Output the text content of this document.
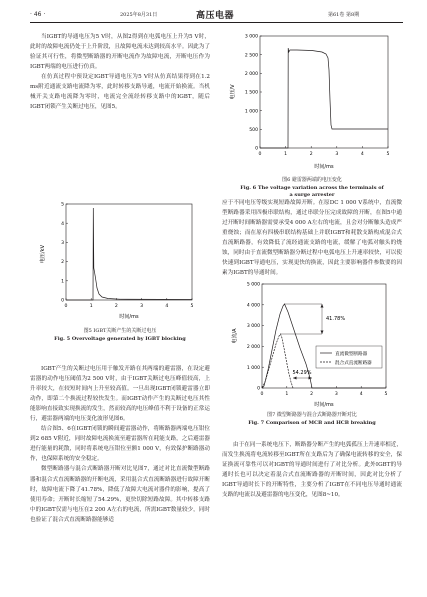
· 46 ·	2025年8月31日	高压电器	第61卷 第8期

当IGBT的导通电压为5 V时，从图2得到在电弧电压上升为5 V时，此时的故障电流仍处于上升阶段，且故障电流未达到较高水平。因此为了验证其可行性，将微型断路器的开断电流作为故障电流，开断电压作为IGBT两端的电压进行仿真。

在仿真过程中预设定IGBT导通电压为5 V时从仿真结果得到在1.2 ms附近通流支路电流降为零，此时转移支路导通，电流开始换流。当机械开关支路电流降为零时，电流完全流经转移支路中的IGBT，随后IGBT闭锁产生关断过电压，见图5。

5
4
3
2
1
0
0	1	2	3	4	5
电压/kV
时间/ms
图5 IGBT关断产生的关断过电压
Fig. 5 Overvoltage generated by IGBT blocking

IGBT产生的关断过电压用于触发开路在其两端的避雷器，在设定避雷器的动作电压阈值为2 500 V时，由于IGBT关断过电压峰值较高，上升率较大，在较短时间内上升至较高值。一旦出现IGBT闭锁避雷器立即动作，即第二个换流过程较快发生。而IGBT动作产生的关断过电压其性能影响直接致实现换流的发生，然而较高的电压峰值不利于设备的正常运行，避雷器两端的电压变化波形见图6。

结合图5、6在IGBT闭锁的瞬间避雷器动作，将断路器两端电压钳位到2 685 V附近，同时故障电流换流至避雷器所在耗能支路，之后避雷器进行能量的耗散，同时将系统电压钳位至额1 000 V，有效保护断路器动作，也保障系统的安全稳定。

微型断路器与混合式断路器开断对比见图7，通过对比直流微型断路器和混合式直流断路器的开断电流，采用混合式直流断路器进行故障开断时，故障电流下降了41.78%，降低了故障大电流对器件的影响，提高了使用寿命；开断时长缩短了54.29%，更快切除短路故障。其中转移支路中的IGBT仅需与电压在2 200 A左右的电流，所需IGBT数量较少，同时也验证了混合式直流断路器能够适

3 000
2 500
2 000
1 500
1 000
500
0
0	1	2	3	4	5
电压/V
时间/ms
图6 避雷器两端的电压变化
Fig. 6 The voltage variation across the terminals of
a surge arrester

应于不同电压等级实现短路故障开断。在原DC 1 000 V系统中，直流微型断路器采用四极串联结构，通过串联分压完成故障的开断，在图5中通过开断时间断路器需要承受4 000 A左右的电流，且会对分断触头造成严重烧蚀；而在原有四极串联结构基础上并联IGBT和耗散支路构成混合式直流断路器，有效降低了流经通流支路的电流，缓解了电弧对触头的烧蚀，同时由于直流微型断路器分断过程中电弧电压上升速率较快，可以使快速到IGBT导通电压，实现更快的换流，因此主要影响器件参数要的因素为IGBT的导通时间。

5 000
4 000
3 000
2 000
1 000
0
0	1	2	3	4	5
电流/A
时间/ms
41.78%
54.29%
直流微型断路器
混合式直流断路器
图7 微型断路器与混合式断路器开断对比
Fig. 7 Comparison of MCB and HCB breaking

由于在同一系统电压下，断路器分断产生的电弧孤压上升速率相近，而发生换流将电流转移至IGBT所在支路后为了确保电流转移的安全，保证换流可靠性可以对IGBT的导通时间进行了对比分析。此外IGBT的导通时长也可以决定着混合式直流断路器的开断时间，因此对比分析了IGBT导通时长下的开断特性，主要分析了IGBT在不同电压导通时通流支路的电流以及避雷器的电压变化，见图8~10。
